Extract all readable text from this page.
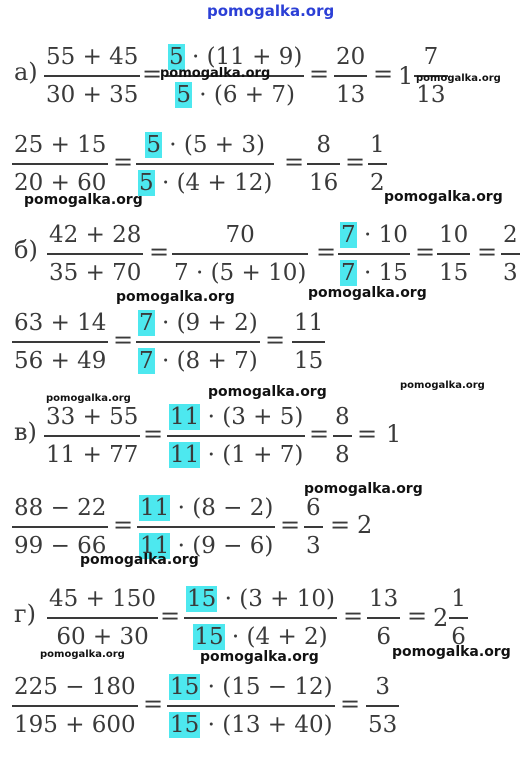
pomogalka.org
а)
55 + 45
30 + 35
=
5 · (11 + 9)
5 · (6 + 7)
=
20
13
= $1 \frac{7}{13}$
25 + 15
20 + 60
=
5 · (5 + 3)
5 · (4 + 12)
=
8
16
=
1
2
б)
42 + 28
35 + 70
=
70
7 · (5 + 10)
=
7 · 10
7 · 15
=
10
15
=
2
3
63 + 14
56 + 49
=
7 · (9 + 2)
7 · (8 + 7)
=
11
15
в)
33 + 55
11 + 77
=
11 · (3 + 5)
11 · (1 + 7)
=
8
8
= 1
88 − 22
99 − 66
=
11 · (8 − 2)
11 · (9 − 6)
=
6
3
= 2
г)
45 + 150
60 + 30
=
15 · (3 + 10)
15 · (4 + 2)
=
13
6
= $2 \frac{1}{6}$
225 − 180
195 + 600
=
15 · (15 − 12)
15 · (13 + 40)
=
3
53
pomogalka.org	pomogalka.org
pomogalka.org	pomogalka.org
pomogalka.org	pomogalka.org
pomogalka.org	pomogalka.org	pomogalka.org
pomogalka.org
pomogalka.org
pomogalka.org	pomogalka.org	pomogalka.org
